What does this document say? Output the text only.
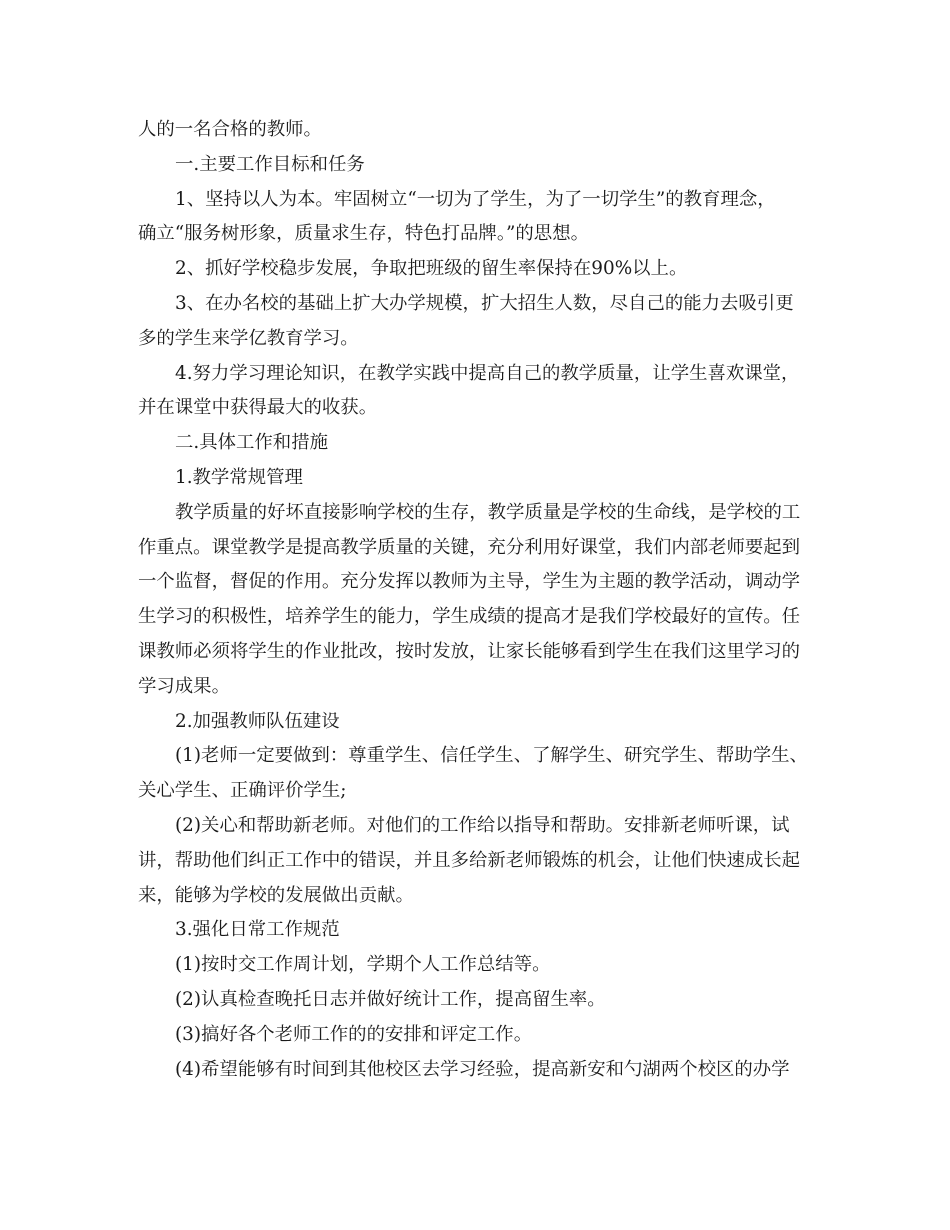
人的一名合格的教师。
一.主要工作目标和任务
1、坚持以人为本。牢固树立“一切为了学生，为了一切学生”的教育理念，
确立“服务树形象，质量求生存，特色打品牌。”的思想。
2、抓好学校稳步发展，争取把班级的留生率保持在90%以上。
3、在办名校的基础上扩大办学规模，扩大招生人数，尽自己的能力去吸引更
多的学生来学亿教育学习。
4.努力学习理论知识，在教学实践中提高自己的教学质量，让学生喜欢课堂，
并在课堂中获得最大的收获。
二.具体工作和措施
1.教学常规管理
教学质量的好坏直接影响学校的生存，教学质量是学校的生命线，是学校的工
作重点。课堂教学是提高教学质量的关键，充分利用好课堂，我们内部老师要起到
一个监督，督促的作用。充分发挥以教师为主导，学生为主题的教学活动，调动学
生学习的积极性，培养学生的能力，学生成绩的提高才是我们学校最好的宣传。任
课教师必须将学生的作业批改，按时发放，让家长能够看到学生在我们这里学习的
学习成果。
2.加强教师队伍建设
(1)老师一定要做到：尊重学生、信任学生、了解学生、研究学生、帮助学生、
关心学生、正确评价学生;
(2)关心和帮助新老师。对他们的工作给以指导和帮助。安排新老师听课，试
讲，帮助他们纠正工作中的错误，并且多给新老师锻炼的机会，让他们快速成长起
来，能够为学校的发展做出贡献。
3.强化日常工作规范
(1)按时交工作周计划，学期个人工作总结等。
(2)认真检查晚托日志并做好统计工作，提高留生率。
(3)搞好各个老师工作的的安排和评定工作。
(4)希望能够有时间到其他校区去学习经验，提高新安和勺湖两个校区的办学
